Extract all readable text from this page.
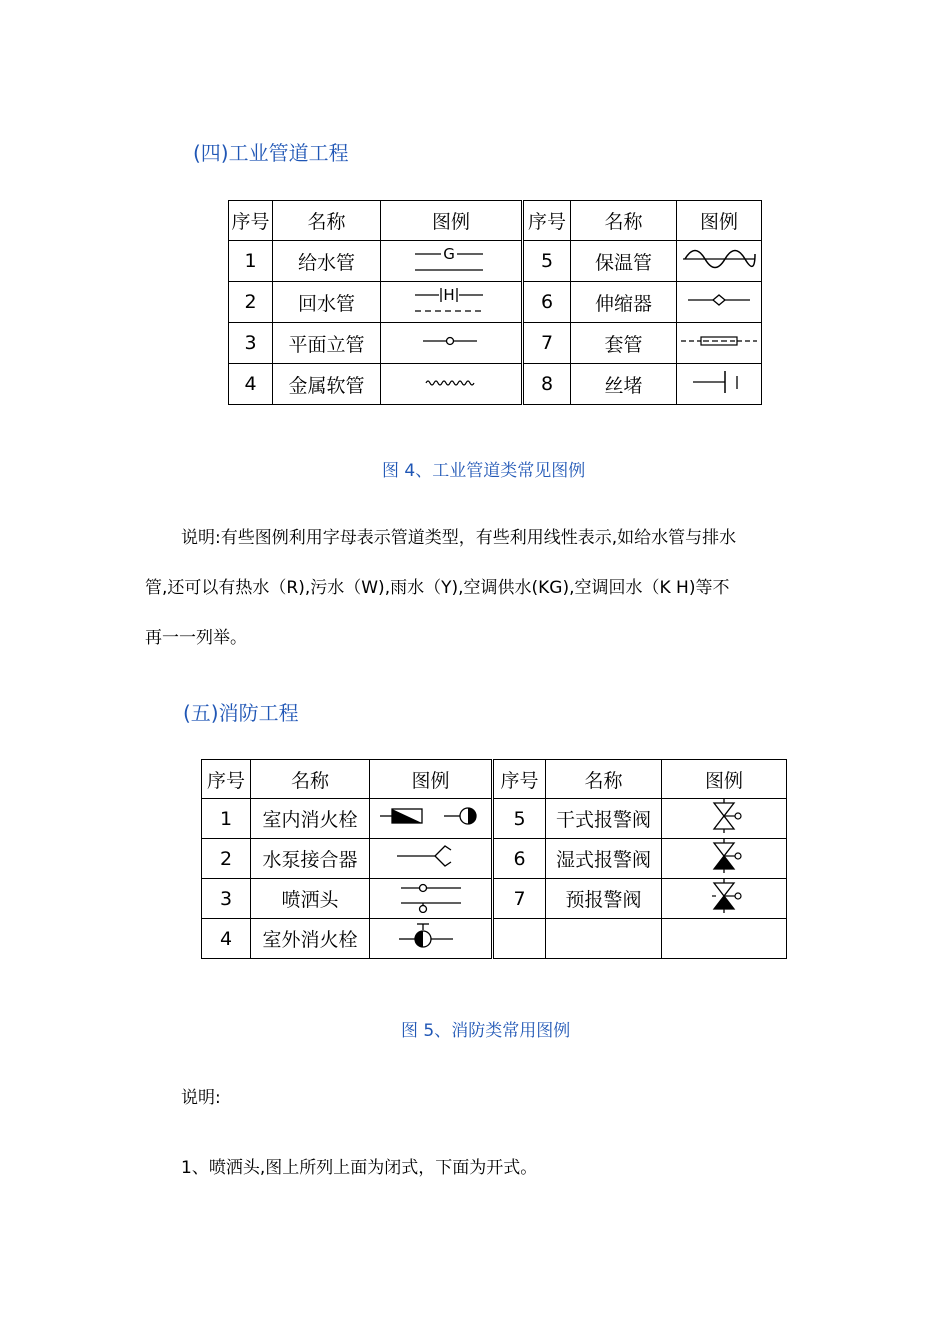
(四)工业管道工程
序号	名称	图例	序号	名称	图例
1	给水管	G	5	保温管	
2	回水管	H	6	伸缩器	
3	平面立管		7	套管	
4	金属软管		8	丝堵	
图 4、工业管道类常见图例
说明:有些图例利用字母表示管道类型，有些利用线性表示,如给水管与排水
管,还可以有热水（R),污水（W),雨水（Y),空调供水(KG),空调回水（K H)等不
再一一列举。
(五)消防工程
序号	名称	图例	序号	名称	图例
1	室内消火栓		5	干式报警阀	
2	水泵接合器		6	湿式报警阀	
3	喷洒头		7	预报警阀	
4	室外消火栓				
图 5、消防类常用图例
说明:
1、喷洒头,图上所列上面为闭式，下面为开式。
